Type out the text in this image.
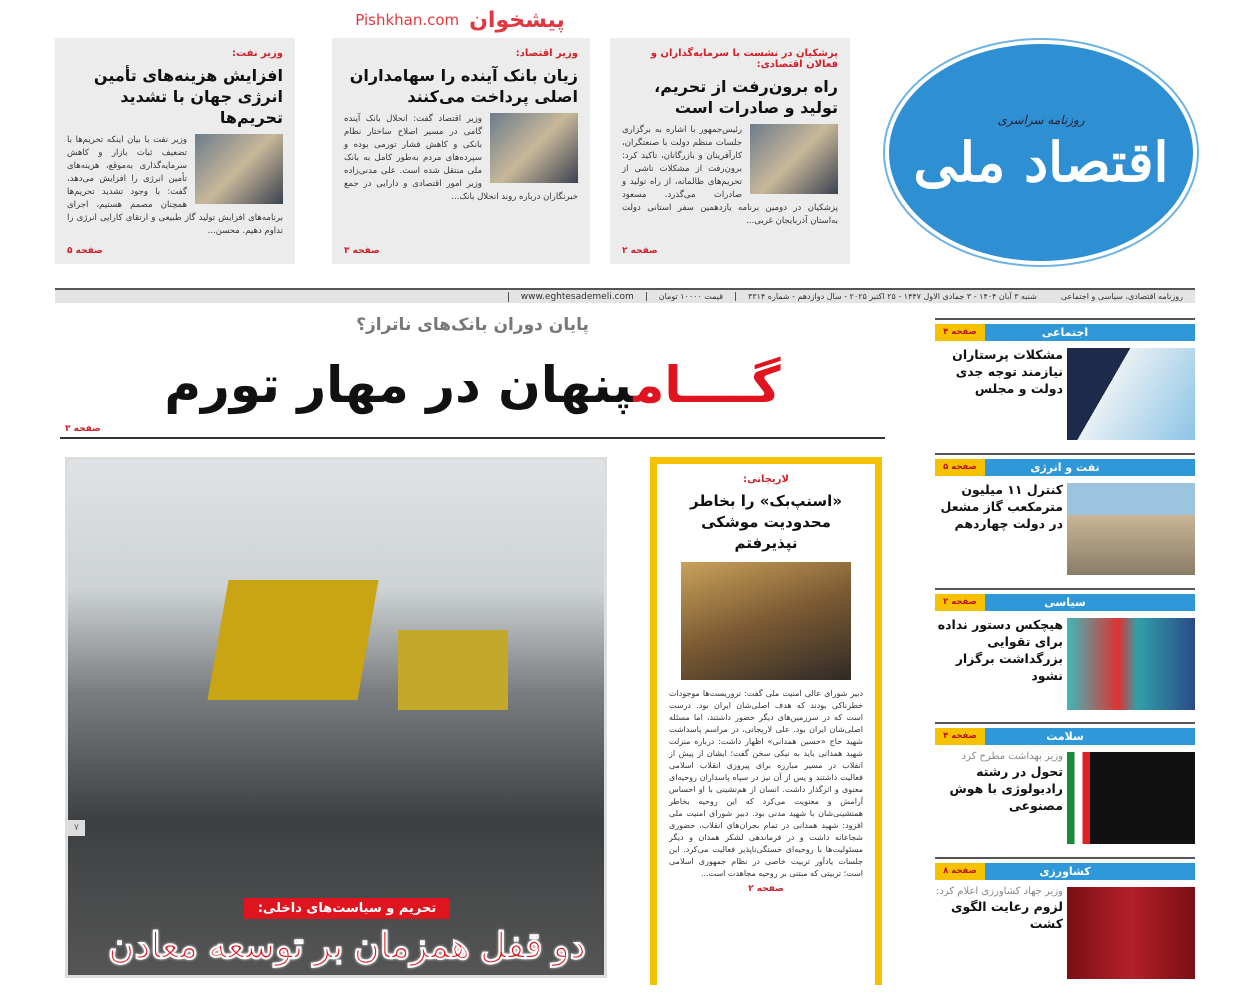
پیشخوان
Pishkhan.com
پزشکیان در نشست با سرمایه‌گذاران و فعالان اقتصادی:
راه برون‌رفت از تحریم، تولید و صادرات است
رئیس‌جمهور با اشاره به برگزاری جلسات منظم دولت با صنعتگران، کارآفرینان و بازرگانان، تاکید کرد: برون‌رفت از مشکلات ناشی از تحریم‌های ظالمانه، از راه تولید و صادرات می‌گذرد. مسعود پزشکیان در دومین برنامه یازدهمین سفر استانی دولت به‌استان آذربایجان غربی...
صفحه ۲
وزیر اقتصاد:
زیان بانک آینده را سهامداران اصلی پرداخت می‌کنند
وزیر اقتصاد گفت: انحلال بانک آینده گامی در مسیر اصلاح ساختار نظام بانکی و کاهش فشار تورمی بوده و سپرده‌های مردم به‌طور کامل به بانک ملی منتقل شده است. علی مدنی‌زاده وزیر امور اقتصادی و دارایی در جمع خبرنگاران درباره روند انحلال بانک...
صفحه ۳
وزیر نفت:
افزایش هزینه‌های تأمین انرژی جهان با تشدید تحریم‌ها
وزیر نفت با بیان اینکه تحریم‌ها با تضعیف ثبات بازار و کاهش سرمایه‌گذاری به‌موقع، هزینه‌های تأمین انرژی را افزایش می‌دهد، گفت: با وجود تشدید تحریم‌ها همچنان مصمم هستیم، اجرای برنامه‌های افزایش تولید گاز طبیعی و ارتقای کارایی انرژی را تداوم دهیم. محسن...
صفحه ۵
روزنامه سراسری
اقتصاد ملی
روزنامه اقتصادی، سیاسی و اجتماعی
شنبه ۳ آبان ۱۴۰۴ - ۳ جمادی الاول ۱۴۴۷ - ۲۵ اکتبر ۲۰۲۵ - سال دوازدهم - شماره ۳۳۱۴
قیمت ۱۰۰۰۰ تومان
www.eghtesademeli.com
پایان دوران بانک‌های ناتراز؟
گــــامپنهان در مهار تورم
صفحه ۳
۷
تحریم و سیاست‌های داخلی:
دو قفل همزمان بر توسعه معادن
لاریجانی:
«اسنپ‌بک» را بخاطر محدودیت موشکی نپذیرفتم
دبیر شورای عالی امنیت ملی گفت: تروریست‌ها موجودات خطرناکی بودند که هدف اصلی‌شان ایران بود. درست است که در سرزمین‌های دیگر حضور داشتند، اما مسئله اصلی‌شان ایران بود. علی لاریجانی، در مراسم پاسداشت شهید حاج «حسین همدانی» اظهار داشت: درباره منزلت شهید همدانی باید به نیکی سخن گفت؛ ایشان از پیش از انقلاب در مسیر مبارزه برای پیروزی انقلاب اسلامی فعالیت داشتند و پس از آن نیز در سپاه پاسداران روحیه‌ای معنوی و اثرگذار داشت. انسان از هم‌نشینی با او احساس آرامش و معنویت می‌کرد که این روحیه بخاطر همنشینی‌شان با شهید مدنی بود. دبیر شورای امنیت ملی افزود: شهید همدانی در تمام بحران‌های انقلاب، حضوری شجاعانه داشت و در فرماندهی لشکر همدان و دیگر مسئولیت‌ها با روحیه‌ای خستگی‌ناپذیر فعالیت می‌کرد. این جلسات یادآور تربیت خاصی در نظام جمهوری اسلامی است؛ تربیتی که مبتنی بر روحیه مجاهدت است...
صفحه ۲
اجتماعی
صفحه ۴
مشکلات پرستاران نیازمند توجه جدی دولت و مجلس
نفت و انرژی
صفحه ۵
کنترل ۱۱ میلیون مترمکعب گاز مشعل در دولت چهاردهم
سیاسی
صفحه ۲
هیچکس دستور نداده برای تقوایی بزرگداشت برگزار نشود
سلامت
صفحه ۴
وزیر بهداشت مطرح کرد
تحول در رشته رادیولوژی با هوش مصنوعی
کشاورزی
صفحه ۸
وزیر جهاد کشاورزی اعلام کرد:
لزوم رعایت الگوی کشت
